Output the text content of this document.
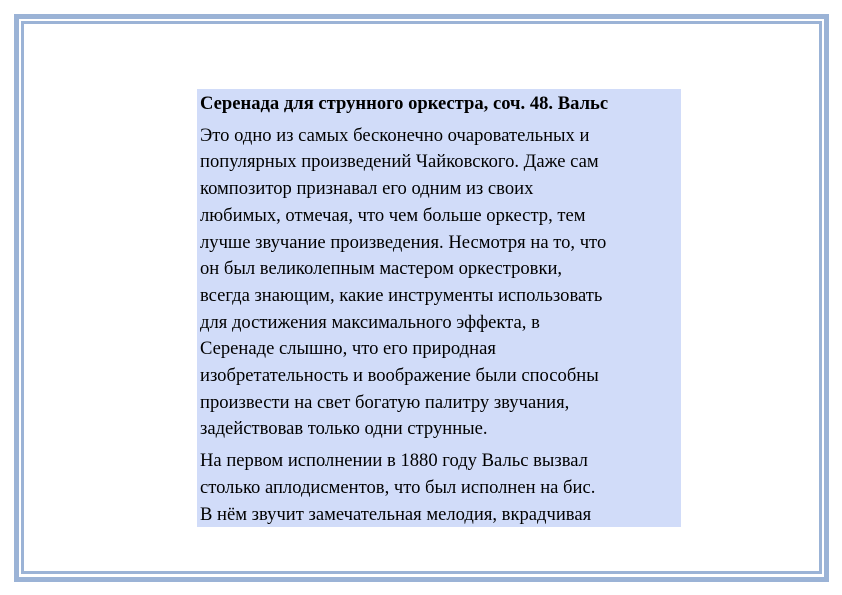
Серенада для струнного оркестра, соч. 48. Вальс
Это одно из самых бесконечно очаровательных и
популярных произведений Чайковского. Даже сам
композитор признавал его одним из своих
любимых, отмечая, что чем больше оркестр, тем
лучше звучание произведения. Несмотря на то, что
он был великолепным мастером оркестровки,
всегда знающим, какие инструменты использовать
для достижения максимального эффекта, в
Серенаде слышно, что его природная
изобретательность и воображение были способны
произвести на свет богатую палитру звучания,
задействовав только одни струнные.
На первом исполнении в 1880 году Вальс вызвал
столько аплодисментов, что был исполнен на бис.
В нём звучит замечательная мелодия, вкрадчивая
